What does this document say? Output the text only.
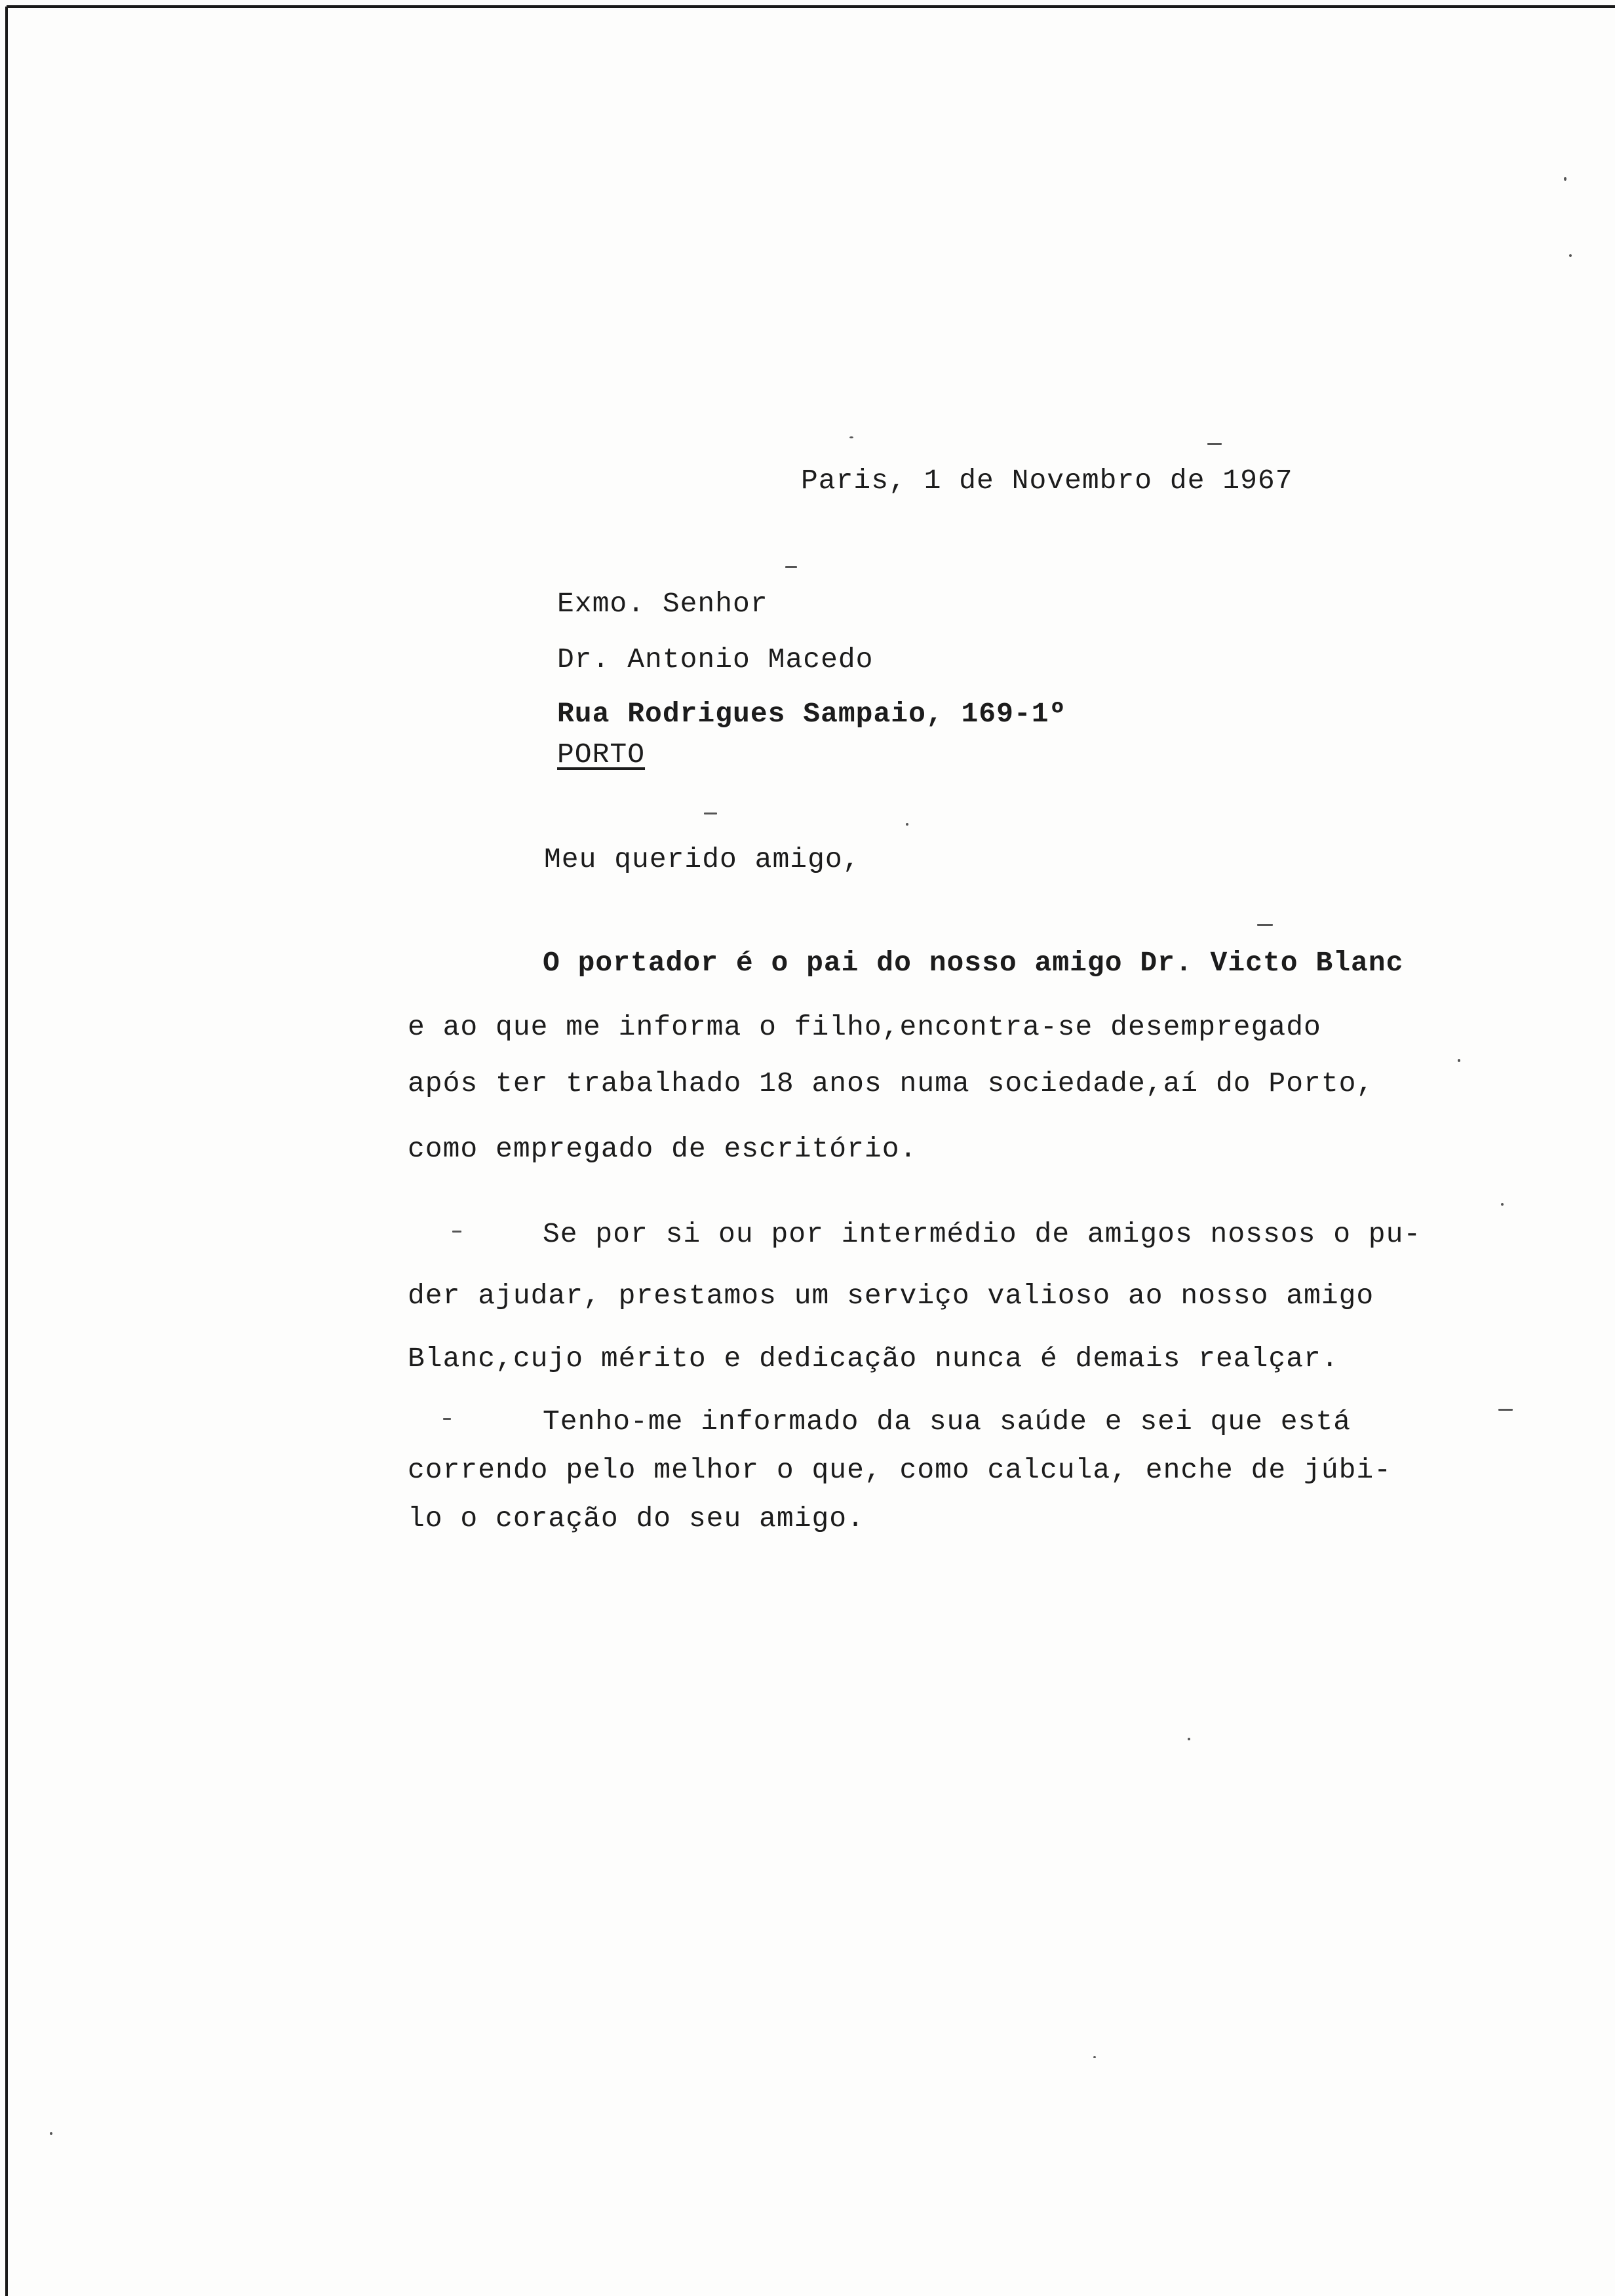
Paris, 1 de Novembro de 1967
Exmo. Senhor
Dr. Antonio Macedo
Rua Rodrigues Sampaio, 169-1º
PORTO
Meu querido amigo,
O portador é o pai do nosso amigo Dr. Victo Blanc
e ao que me informa o filho,encontra-se desempregado
após ter trabalhado 18 anos numa sociedade,aí do Porto,
como empregado de escritório.
Se por si ou por intermédio de amigos nossos o pu-
der ajudar, prestamos um serviço valioso ao nosso amigo
Blanc,cujo mérito e dedicação nunca é demais realçar.
Tenho-me informado da sua saúde e sei que está
correndo pelo melhor o que, como calcula, enche de júbi-
lo o coração do seu amigo.
